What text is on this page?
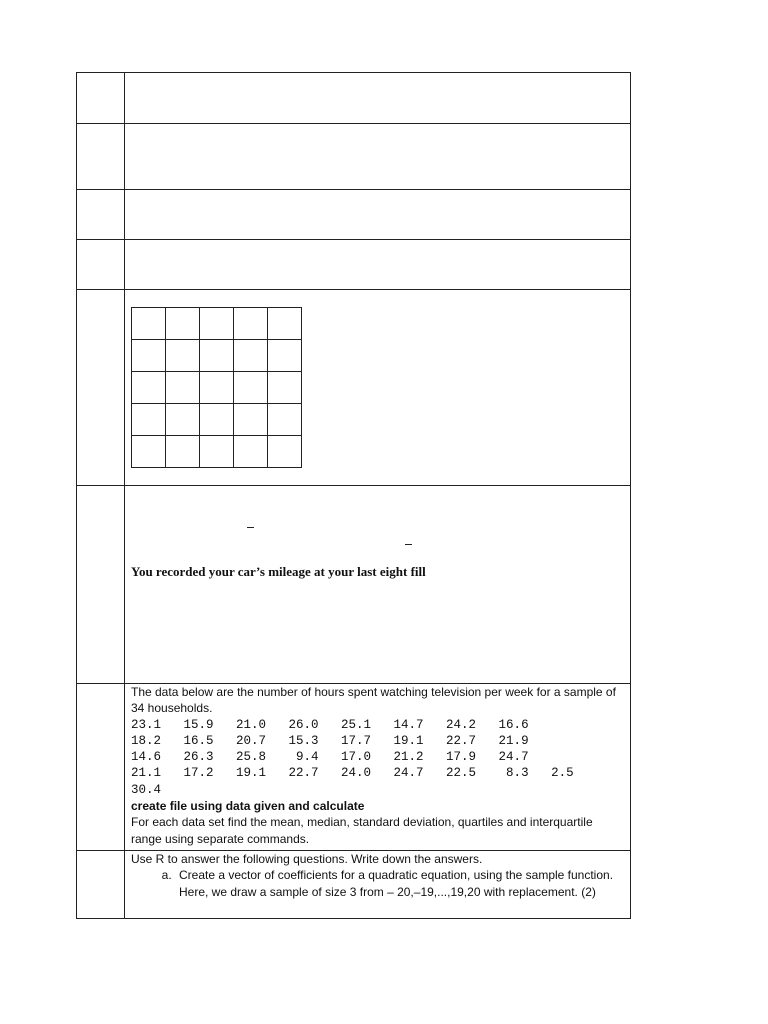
You recorded your car’s mileage at your last eight fill
The data below are the number of hours spent watching television per week for a sample of 34 households.
23.1   15.9   21.0   26.0   25.1   14.7   24.2   16.6
18.2   16.5   20.7   15.3   17.7   19.1   22.7   21.9
14.6   26.3   25.8    9.4   17.0   21.2   17.9   24.7
21.1   17.2   19.1   22.7   24.0   24.7   22.5    8.3   2.5
30.4
create file using data given and calculate
For each data set find the mean, median, standard deviation, quartiles and interquartile range using separate commands.
Use R to answer the following questions. Write down the answers.
a. Create a vector of coefficients for a quadratic equation, using the sample function. Here, we draw a sample of size 3 from – 20,–19,...,19,20 with replacement. (2)
